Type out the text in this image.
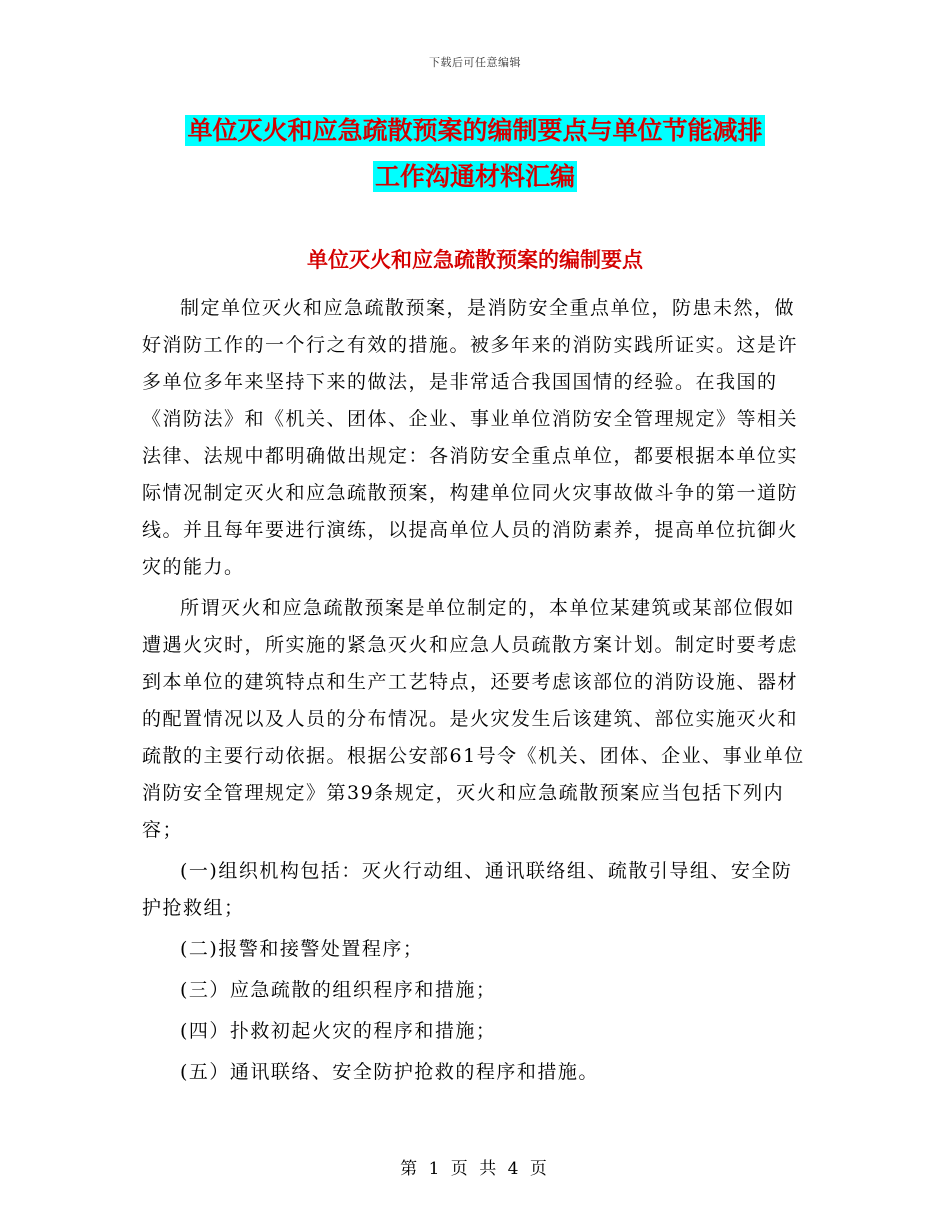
下载后可任意编辑
单位灭火和应急疏散预案的编制要点与单位节能减排
工作沟通材料汇编
单位灭火和应急疏散预案的编制要点

制定单位灭火和应急疏散预案，是消防安全重点单位，防患未然，做好消防工作的一个行之有效的措施。被多年来的消防实践所证实。这是许多单位多年来坚持下来的做法，是非常适合我国国情的经验。在我国的《消防法》和《机关、团体、企业、事业单位消防安全管理规定》等相关法律、法规中都明确做出规定：各消防安全重点单位，都要根据本单位实际情况制定灭火和应急疏散预案，构建单位同火灾事故做斗争的第一道防线。并且每年要进行演练，以提高单位人员的消防素养，提高单位抗御火灾的能力。

所谓灭火和应急疏散预案是单位制定的，本单位某建筑或某部位假如遭遇火灾时，所实施的紧急灭火和应急人员疏散方案计划。制定时要考虑到本单位的建筑特点和生产工艺特点，还要考虑该部位的消防设施、器材的配置情况以及人员的分布情况。是火灾发生后该建筑、部位实施灭火和疏散的主要行动依据。根据公安部61号令《机关、团体、企业、事业单位消防安全管理规定》第39条规定，灭火和应急疏散预案应当包括下列内容；

(一)组织机构包括：灭火行动组、通讯联络组、疏散引导组、安全防护抢救组；

(二)报警和接警处置程序；

(三）应急疏散的组织程序和措施；

(四）扑救初起火灾的程序和措施；

(五）通讯联络、安全防护抢救的程序和措施。

第 1 页 共 4 页
